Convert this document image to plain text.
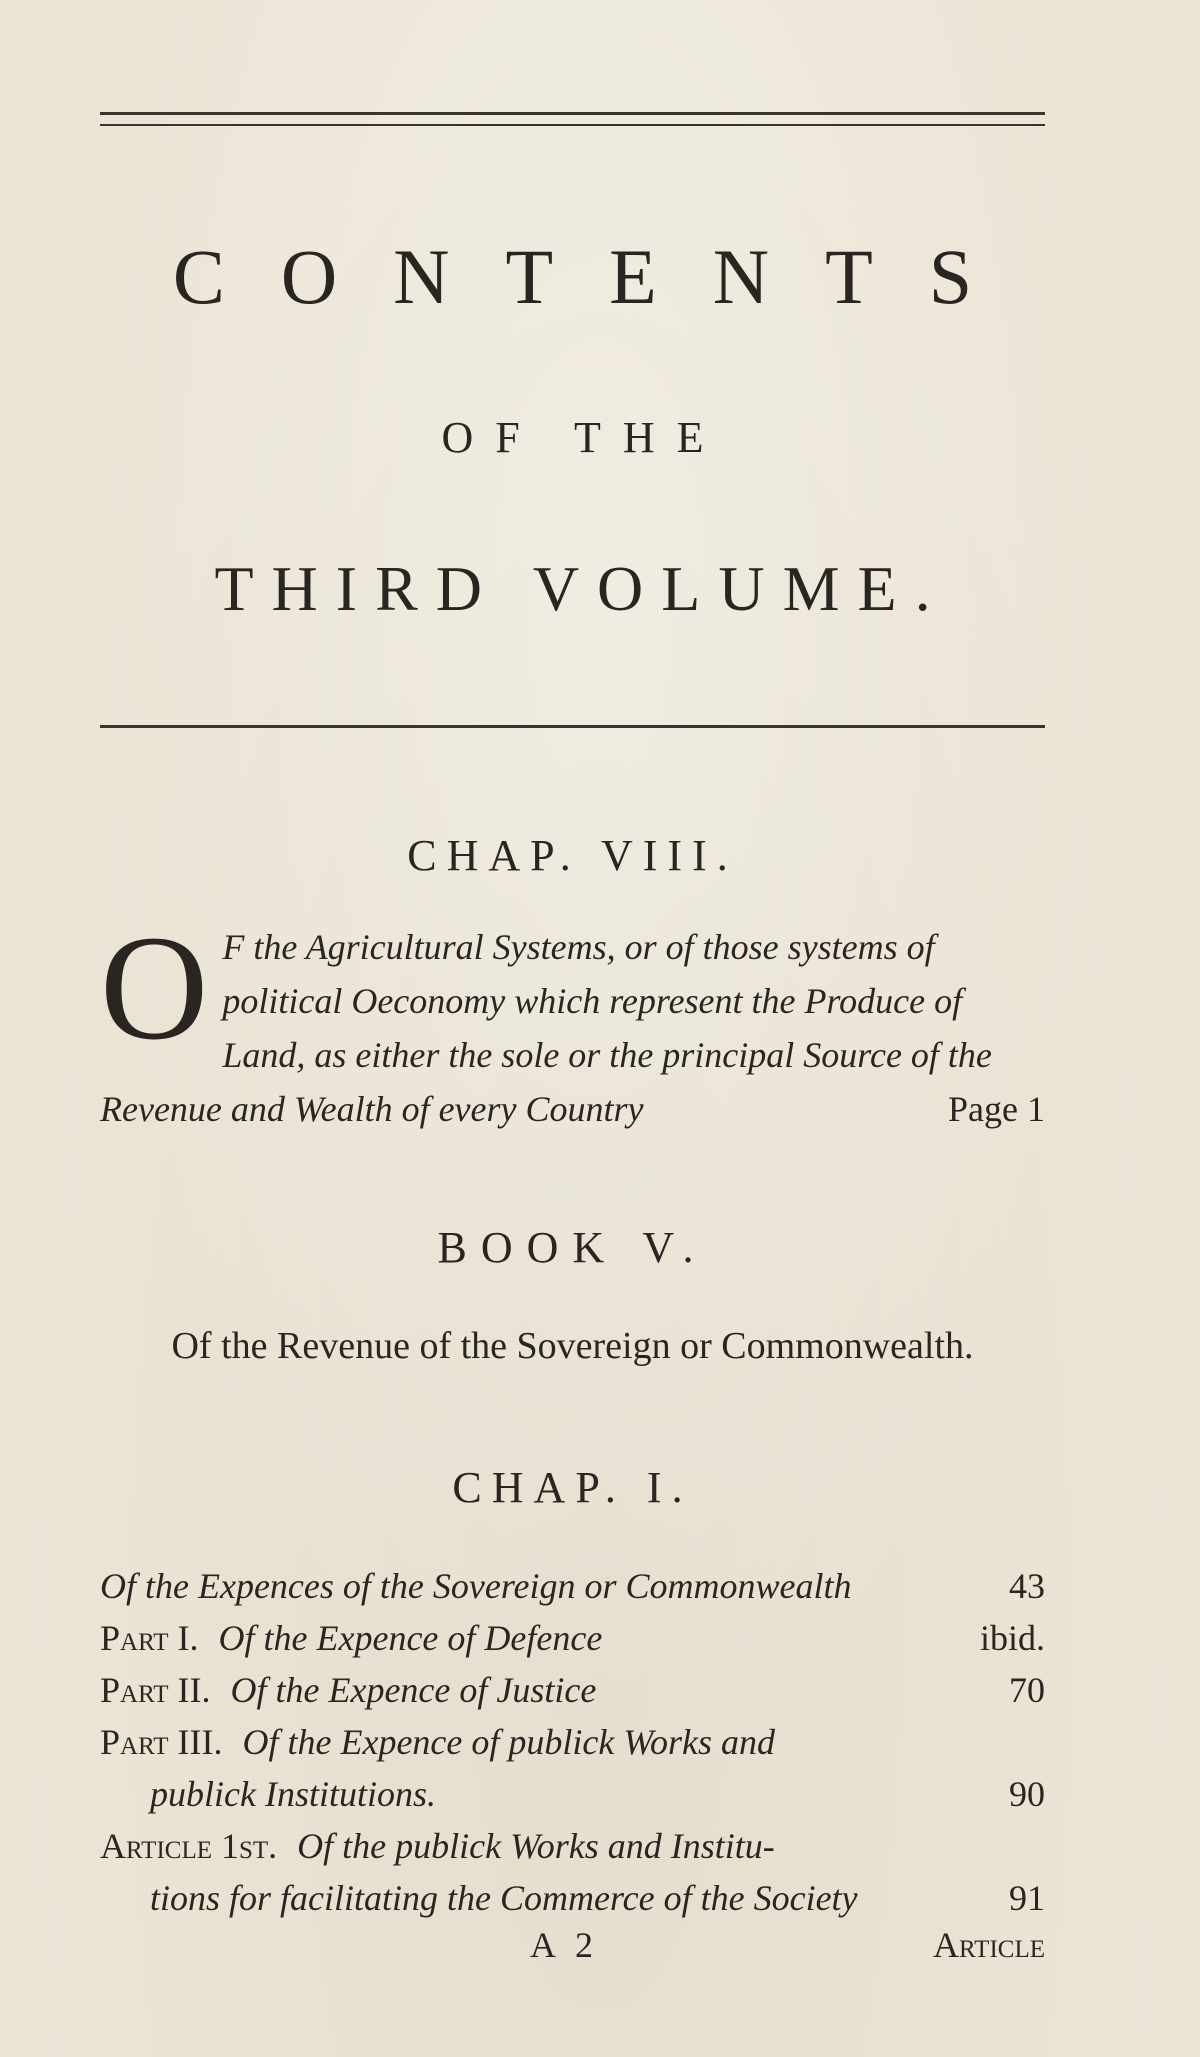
CONTENTS
OF THE
THIRD VOLUME.
CHAP. VIII.
O F the Agricultural Systems, or of those systems of political Oeconomy which represent the Produce of Land, as either the sole or the principal Source of the Revenue and Wealth of every Country	Page 1
BOOK V.
Of the Revenue of the Sovereign or Commonwealth.
CHAP. I.
Of the Expences of the Sovereign or Commonwealth	43
Part I. Of the Expence of Defence	ibid.
Part II. Of the Expence of Justice	70
Part III. Of the Expence of publick Works and
publick Institutions.	90
Article 1st. Of the publick Works and Institu-
tions for facilitating the Commerce of the Society	91
A 2	Article
